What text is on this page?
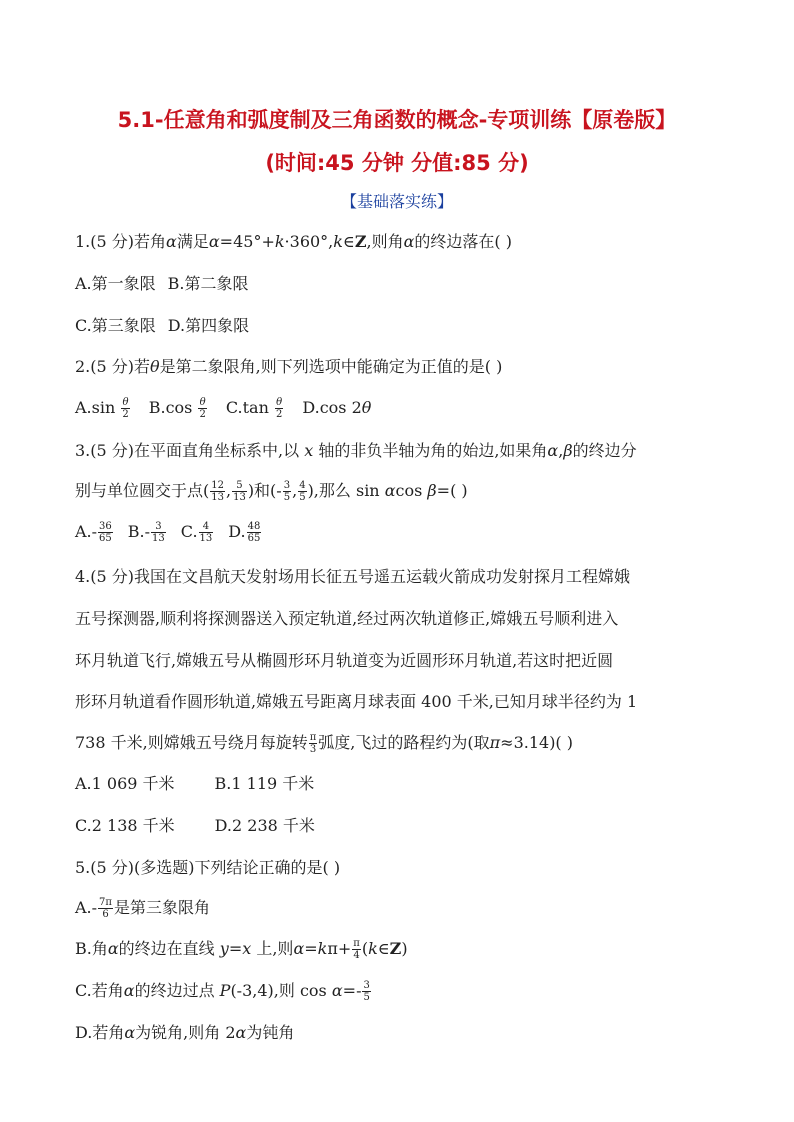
5.1-任意角和弧度制及三角函数的概念-专项训练【原卷版】
(时间:45 分钟 分值:85 分)
【基础落实练】
1.(5 分)若角α满足α=45°+k·360°,k∈Z,则角α的终边落在( )
A.第一象限 B.第二象限
C.第三象限 D.第四象限
2.(5 分)若θ是第二象限角,则下列选项中能确定为正值的是( )
$A.\sin \frac{\theta}{2} B.\cos \frac{\theta}{2} C.\tan \frac{\theta}{2} D.\cos$ 2θ
3.(5 分)在平面直角坐标系中,以 x 轴的非负半轴为角的始边,如果角α,β的终边分
别与单位圆交于点( $\frac{12}{13}$ , $\frac{5}{13}$ )和(- $\frac{3}{5}$ , $\frac{4}{5}$ ),那么 sin αcos β=( )
$A.- \frac{36}{65} B.- \frac{3}{13} C$. $\frac{4}{13} D$. $\frac{48}{65}$
4.(5 分)我国在文昌航天发射场用长征五号遥五运载火箭成功发射探月工程嫦娥
五号探测器,顺利将探测器送入预定轨道,经过两次轨道修正,嫦娥五号顺利进入
环月轨道飞行,嫦娥五号从椭圆形环月轨道变为近圆形环月轨道,若这时把近圆
形环月轨道看作圆形轨道,嫦娥五号距离月球表面 400 千米,已知月球半径约为 1
738 千米,则嫦娥五号绕月每旋转 $\frac{\pi}{3}$ 弧度,飞过的路程约为(取π≈3.14)( )
A.1 069 千米	B.1 119 千米
C.2 138 千米	D.2 238 千米
5.(5 分)(多选题)下列结论正确的是( )
$A.- \frac{7\pi}{6}$ 是第三象限角
B.角α的终边在直线 y=x 上,则$\alpha=k\pi+ \frac{\pi}{4}$ (k∈Z)
C.若角α的终边过点 P(-3,4),则 $\cos \alpha=- \frac{3}{5}$
D.若角α为锐角,则角 2α为钝角
